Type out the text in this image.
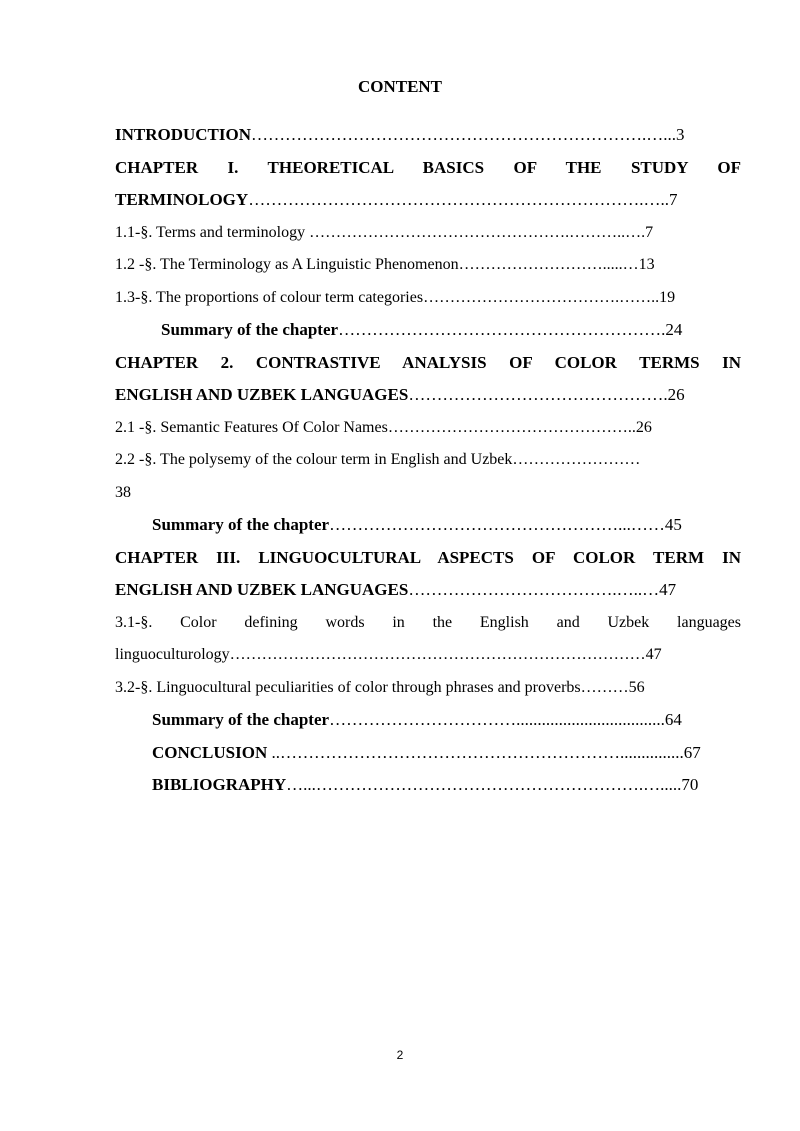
CONTENT
INTRODUCTION…………………………………………………………….…...3
CHAPTER I. THEORETICAL BASICS OF THE STUDY OF
TERMINOLOGY…………………………………………………………….…..7
1.1-§. Terms and terminology ………………………………………….………..….7
1.2 -§. The Terminology as A Linguistic Phenomenon……………………….....…13
1.3-§. The proportions of colour term categories……………………………….……..19
Summary of the chapter………………………………………………….24
CHAPTER 2. CONTRASTIVE ANALYSIS OF COLOR TERMS IN
ENGLISH AND UZBEK LANGUAGES……………………………………….26
2.1 -§. Semantic Features Of Color Names………………………………………..26
2.2 -§. The polysemy of the colour term in English and Uzbek……………………
38
Summary of the chapter……………………………………………...……45
CHAPTER III. LINGUOCULTURAL ASPECTS OF COLOR TERM IN
ENGLISH AND UZBEK LANGUAGES……………………………….…..…47
3.1-§. Color defining words in the English and Uzbek languages
linguoculturology……………………………………………………………………47
3.2-§. Linguocultural peculiarities of color through phrases and proverbs………56
Summary of the chapter……………………………...................................64
CONCLUSION ..……………………………………………………...............67
BIBLIOGRAPHY…...………………………………………………….….....70
2
